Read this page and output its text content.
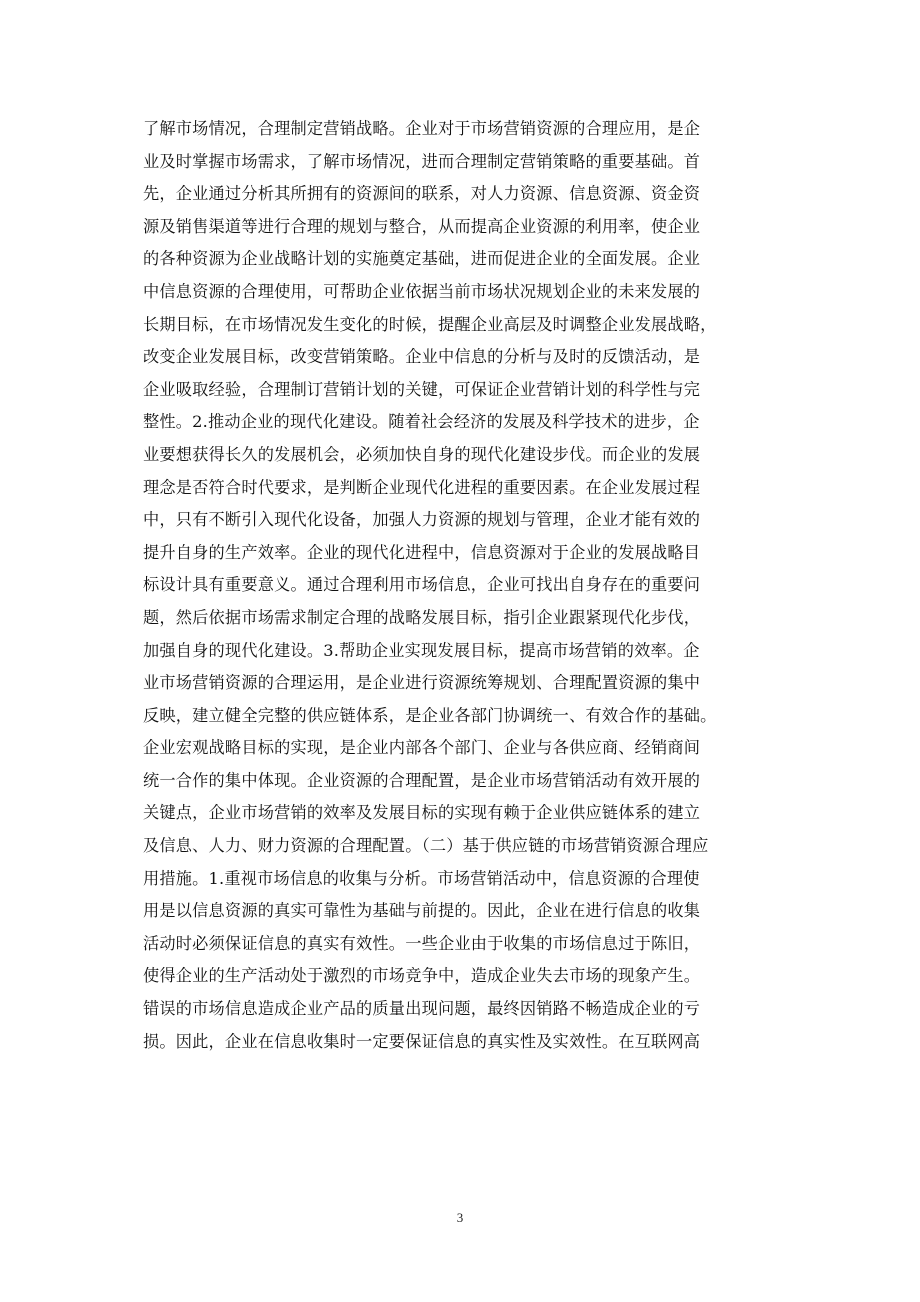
了解市场情况，合理制定营销战略。企业对于市场营销资源的合理应用，是企
业及时掌握市场需求，了解市场情况，进而合理制定营销策略的重要基础。首
先，企业通过分析其所拥有的资源间的联系，对人力资源、信息资源、资金资
源及销售渠道等进行合理的规划与整合，从而提高企业资源的利用率，使企业
的各种资源为企业战略计划的实施奠定基础，进而促进企业的全面发展。企业
中信息资源的合理使用，可帮助企业依据当前市场状况规划企业的未来发展的
长期目标，在市场情况发生变化的时候，提醒企业高层及时调整企业发展战略，
改变企业发展目标，改变营销策略。企业中信息的分析与及时的反馈活动，是
企业吸取经验，合理制订营销计划的关键，可保证企业营销计划的科学性与完
整性。2.推动企业的现代化建设。随着社会经济的发展及科学技术的进步，企
业要想获得长久的发展机会，必须加快自身的现代化建设步伐。而企业的发展
理念是否符合时代要求，是判断企业现代化进程的重要因素。在企业发展过程
中，只有不断引入现代化设备，加强人力资源的规划与管理，企业才能有效的
提升自身的生产效率。企业的现代化进程中，信息资源对于企业的发展战略目
标设计具有重要意义。通过合理利用市场信息，企业可找出自身存在的重要问
题，然后依据市场需求制定合理的战略发展目标，指引企业跟紧现代化步伐，
加强自身的现代化建设。3.帮助企业实现发展目标，提高市场营销的效率。企
业市场营销资源的合理运用，是企业进行资源统筹规划、合理配置资源的集中
反映，建立健全完整的供应链体系，是企业各部门协调统一、有效合作的基础。
企业宏观战略目标的实现，是企业内部各个部门、企业与各供应商、经销商间
统一合作的集中体现。企业资源的合理配置，是企业市场营销活动有效开展的
关键点，企业市场营销的效率及发展目标的实现有赖于企业供应链体系的建立
及信息、人力、财力资源的合理配置。（二）基于供应链的市场营销资源合理应
用措施。1.重视市场信息的收集与分析。市场营销活动中，信息资源的合理使
用是以信息资源的真实可靠性为基础与前提的。因此，企业在进行信息的收集
活动时必须保证信息的真实有效性。一些企业由于收集的市场信息过于陈旧，
使得企业的生产活动处于激烈的市场竞争中，造成企业失去市场的现象产生。
错误的市场信息造成企业产品的质量出现问题，最终因销路不畅造成企业的亏
损。因此，企业在信息收集时一定要保证信息的真实性及实效性。在互联网高
3
